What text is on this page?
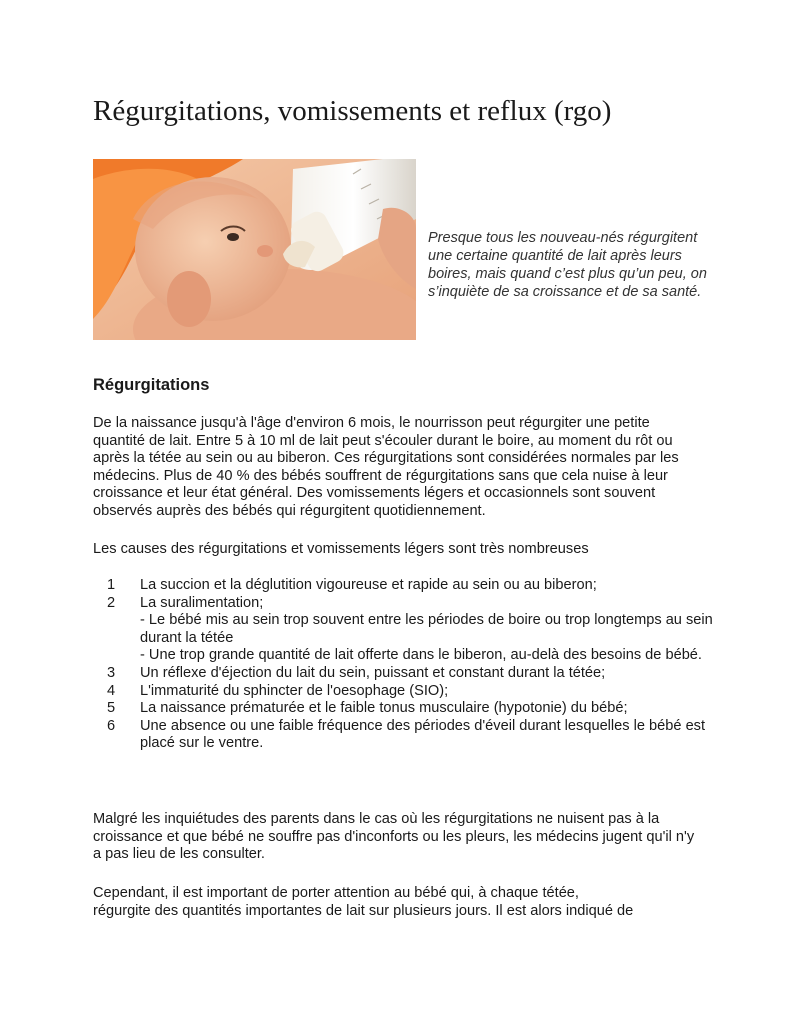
Régurgitations, vomissements et reflux (rgo)

Presque tous les nouveau-nés régurgitent une certaine quantité de lait après leurs boires, mais quand c’est plus qu’un peu, on s’inquiète de sa croissance et de sa santé.

Régurgitations

De la naissance jusqu'à l'âge d'environ 6 mois, le nourrisson peut régurgiter une petite quantité de lait. Entre 5 à 10 ml de lait peut s'écouler durant le boire, au moment du rôt ou après la tétée au sein ou au biberon. Ces régurgitations sont considérées normales par les médecins. Plus de 40 % des bébés souffrent de régurgitations sans que cela nuise à leur croissance et leur état général. Des vomissements légers et occasionnels sont souvent observés auprès des bébés qui régurgitent quotidiennement.

Les causes des régurgitations et vomissements légers sont très nombreuses

1 La succion et la déglutition vigoureuse et rapide au sein ou au biberon;
2 La suralimentation;
- Le bébé mis au sein trop souvent entre les périodes de boire ou trop longtemps au sein durant la tétée
- Une trop grande quantité de lait offerte dans le biberon, au-delà des besoins de bébé.
3 Un réflexe d'éjection du lait du sein, puissant et constant durant la tétée;
4 L'immaturité du sphincter de l'oesophage (SIO);
5 La naissance prématurée et le faible tonus musculaire (hypotonie) du bébé;
6 Une absence ou une faible fréquence des périodes d'éveil durant lesquelles le bébé est placé sur le ventre.

Malgré les inquiétudes des parents dans le cas où les régurgitations ne nuisent pas à la croissance et que bébé ne souffre pas d'inconforts ou les pleurs, les médecins jugent qu'il n'y a pas lieu de les consulter.

Cependant, il est important de porter attention au bébé qui, à chaque tétée,
régurgite des quantités importantes de lait sur plusieurs jours. Il est alors indiqué de
